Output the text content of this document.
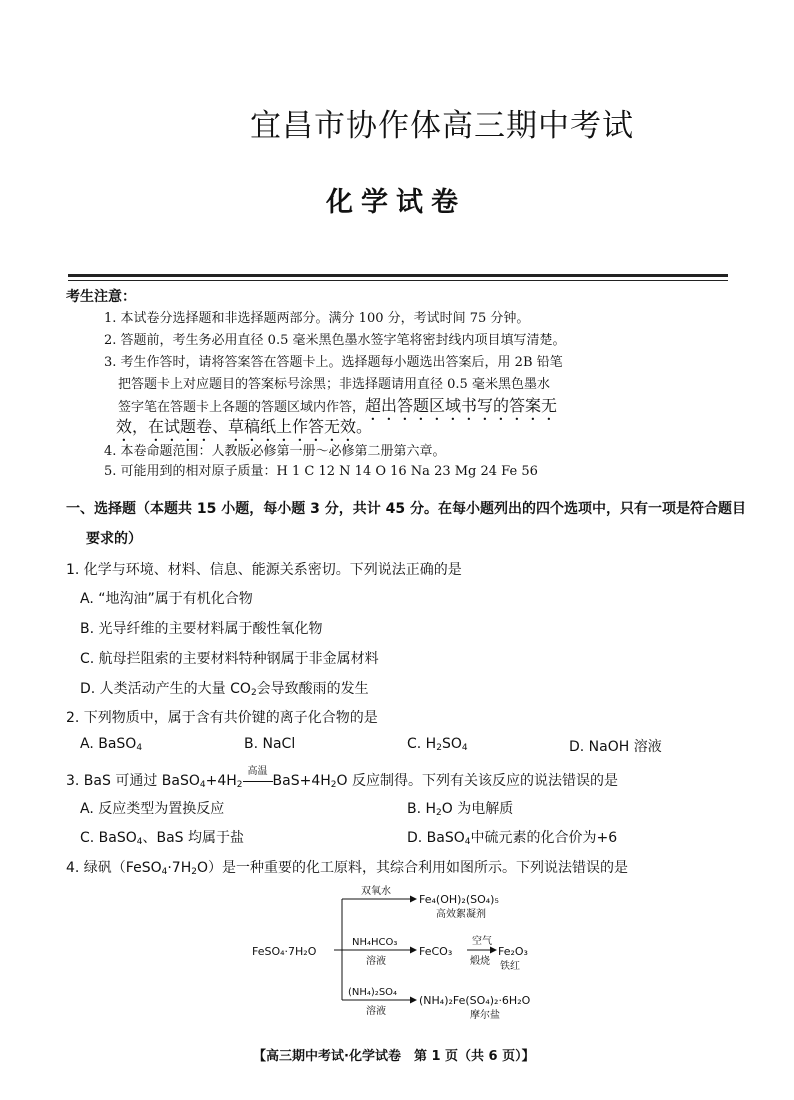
宜昌市协作体高三期中考试
化学试卷
考生注意：
1. 本试卷分选择题和非选择题两部分。满分 100 分，考试时间 75 分钟。
2. 答题前，考生务必用直径 0.5 毫米黑色墨水签字笔将密封线内项目填写清楚。
3. 考生作答时，请将答案答在答题卡上。选择题每小题选出答案后，用 2B 铅笔
把答题卡上对应题目的答案标号涂黑；非选择题请用直径 0.5 毫米黑色墨水
签字笔在答题卡上各题的答题区域内作答，超出答题区域书写的答案无
效，在试题卷、草稿纸上作答无效。
4. 本卷命题范围：人教版必修第一册～必修第二册第六章。
5. 可能用到的相对原子质量：H 1 C 12 N 14 O 16 Na 23 Mg 24 Fe 56
一、选择题（本题共 15 小题，每小题 3 分，共计 45 分。在每小题列出的四个选项中，只有一项是符合题目
要求的）
1. 化学与环境、材料、信息、能源关系密切。下列说法正确的是
A. “地沟油”属于有机化合物
B. 光导纤维的主要材料属于酸性氧化物
C. 航母拦阻索的主要材料特种钢属于非金属材料
D. 人类活动产生的大量 $CO_2$会导致酸雨的发生
2. 下列物质中，属于含有共价键的离子化合物的是
A. BaSO$_4$	B. NaCl	C. $H_2SO_4$	D. NaOH 溶液
3. BaS 可通过 $BaSO_4+4H_2$
高温
$BaS+4H_2O$ 反应制得。下列有关该反应的说法错误的是
A. 反应类型为置换反应	B. $H_2O$ 为电解质
C. BaSO$_4$、BaS 均属于盐	D. BaSO$_4$中硫元素的化合价为+6
4. 绿矾$(FeSO_4\cdot 7H_2O)$是一种重要的化工原料，其综合利用如图所示。下列说法错误的是
FeSO₄·7H₂O
双氧水
Fe₄(OH)₂(SO₄)₅
高效絮凝剂
NH₄HCO₃
溶液
FeCO₃
空气
煅烧
Fe₂O₃
铁红
(NH₄)₂SO₄
溶液
(NH₄)₂Fe(SO₄)₂·6H₂O
摩尔盐
【高三期中考试·化学试卷　第 1 页（共 6 页）】
